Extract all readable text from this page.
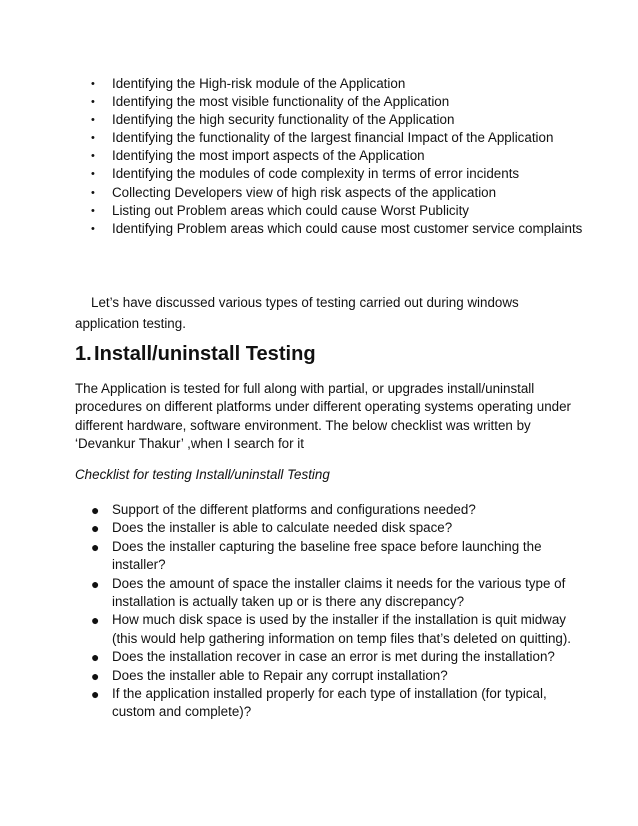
• Identifying the High-risk module of the Application
• Identifying the most visible functionality of the Application
• Identifying the high security functionality of the Application
• Identifying the functionality of the largest financial Impact of the Application
• Identifying the most import aspects of the Application
• Identifying the modules of code complexity in terms of error incidents
• Collecting Developers view of high risk aspects of the application
• Listing out Problem areas which could cause Worst Publicity
• Identifying Problem areas which could cause most customer service complaints

Let’s have discussed various types of testing carried out during windows application testing.

1. Install/uninstall Testing

The Application is tested for full along with partial, or upgrades install/uninstall procedures on different platforms under different operating systems operating under different hardware, software environment. The below checklist was written by ‘Devankur Thakur’ ,when I search for it

Checklist for testing Install/uninstall Testing

● Support of the different platforms and configurations needed?
● Does the installer is able to calculate needed disk space?
● Does the installer capturing the baseline free space before launching the installer?
● Does the amount of space the installer claims it needs for the various type of installation is actually taken up or is there any discrepancy?
● How much disk space is used by the installer if the installation is quit midway (this would help gathering information on temp files that’s deleted on quitting).
● Does the installation recover in case an error is met during the installation?
● Does the installer able to Repair any corrupt installation?
● If the application installed properly for each type of installation (for typical, custom and complete)?
